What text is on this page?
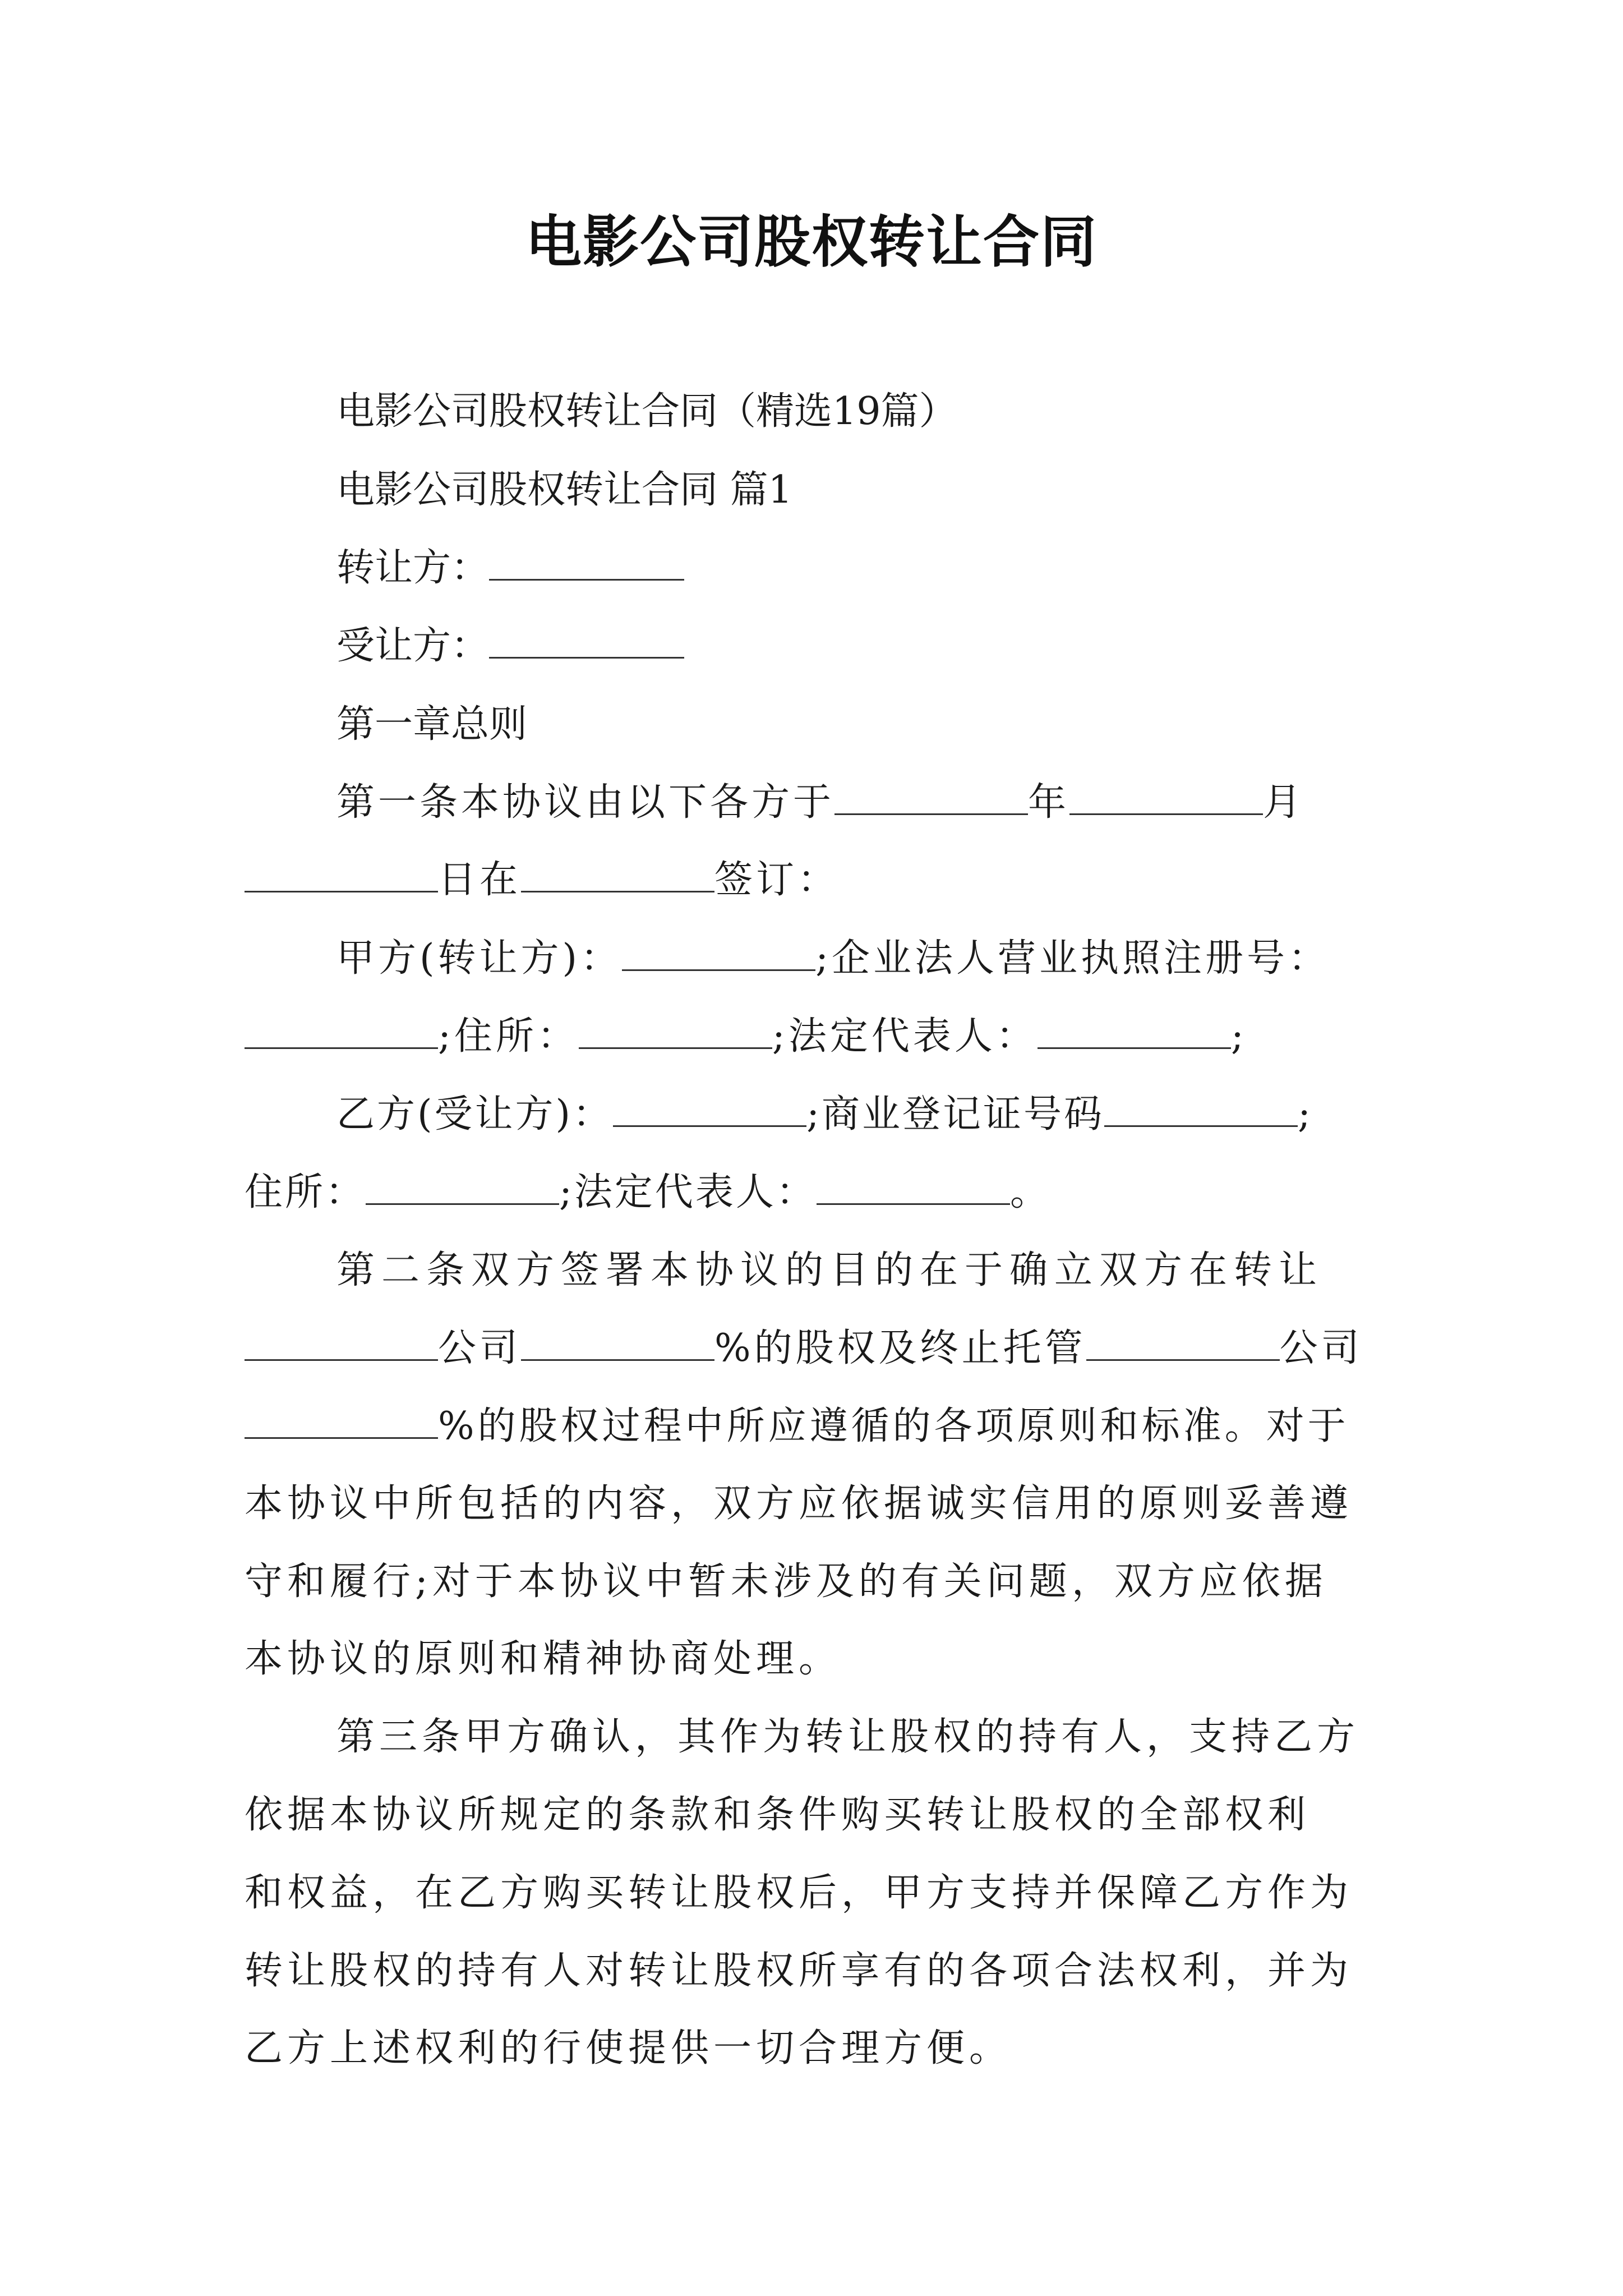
电影公司股权转让合同
电影公司股权转让合同（精选19篇）
电影公司股权转让合同 篇1
转让方：
受让方：
第一章总则
第一条本协议由以下各方于	年	月
日在	签订：
甲方(转让方)：	;企业法人营业执照注册号：
;住所：	;法定代表人：	;
乙方(受让方)：	;商业登记证号码	;
住所：	;法定代表人：	。
第二条双方签署本协议的目的在于确立双方在转让
公司	%的股权及终止托管	公司
%的股权过程中所应遵循的各项原则和标准。对于
本协议中所包括的内容，双方应依据诚实信用的原则妥善遵
守和履行;对于本协议中暂未涉及的有关问题，双方应依据
本协议的原则和精神协商处理。
第三条甲方确认，其作为转让股权的持有人，支持乙方
依据本协议所规定的条款和条件购买转让股权的全部权利
和权益，在乙方购买转让股权后，甲方支持并保障乙方作为
转让股权的持有人对转让股权所享有的各项合法权利，并为
乙方上述权利的行使提供一切合理方便。
